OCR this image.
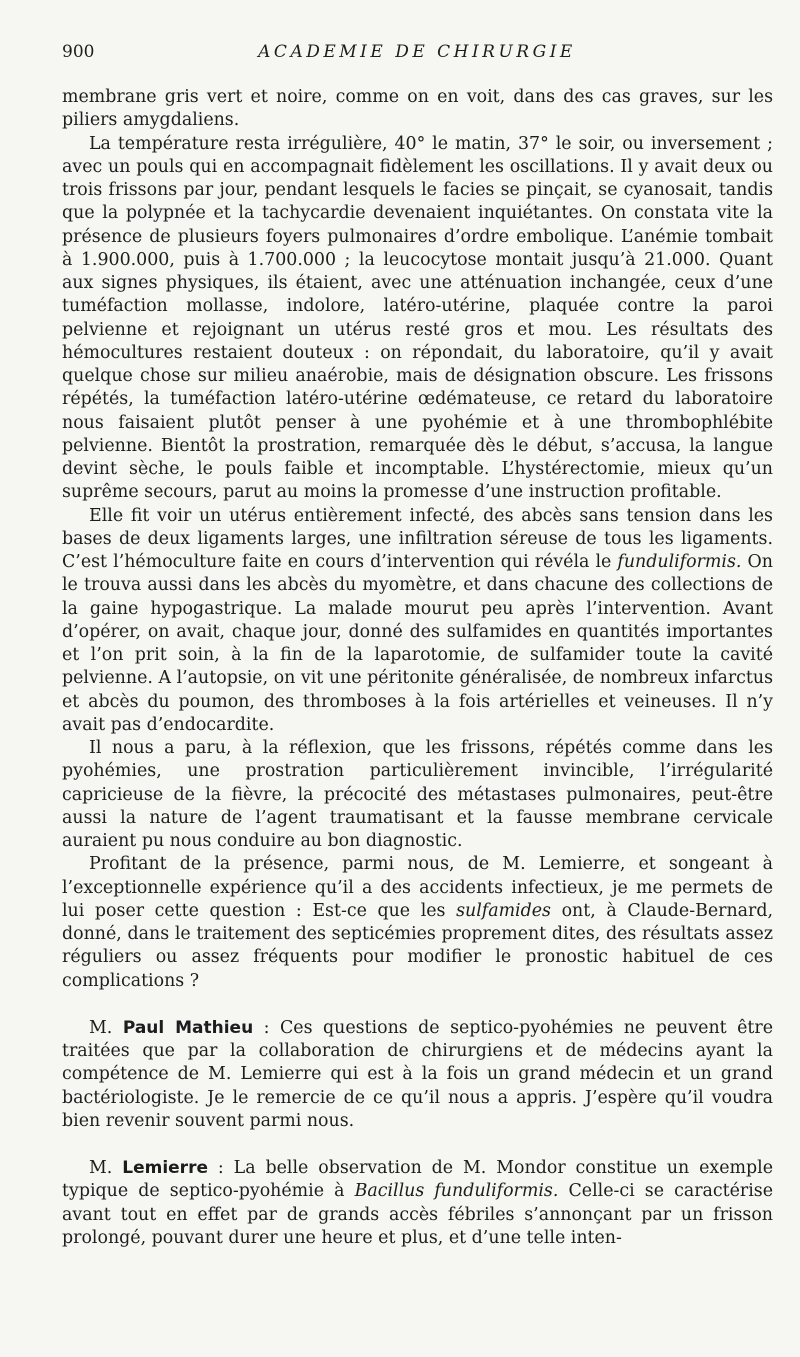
900	ACADEMIE DE CHIRURGIE

membrane gris vert et noire, comme on en voit, dans des cas graves, sur les piliers amygdaliens.

La température resta irrégulière, 40° le matin, 37° le soir, ou inversement ; avec un pouls qui en accompagnait fidèlement les oscillations. Il y avait deux ou trois frissons par jour, pendant lesquels le facies se pinçait, se cyanosait, tandis que la polypnée et la tachycardie devenaient inquiétantes. On constata vite la présence de plusieurs foyers pulmonaires d’ordre embolique. L’anémie tombait à 1.900.000, puis à 1.700.000 ; la leucocytose montait jusqu’à 21.000. Quant aux signes physiques, ils étaient, avec une atténuation inchangée, ceux d’une tuméfaction mollasse, indolore, latéro-utérine, plaquée contre la paroi pelvienne et rejoignant un utérus resté gros et mou. Les résultats des hémocultures restaient douteux : on répondait, du laboratoire, qu’il y avait quelque chose sur milieu anaérobie, mais de désignation obscure. Les frissons répétés, la tuméfaction latéro-utérine œdémateuse, ce retard du laboratoire nous faisaient plutôt penser à une pyohémie et à une thrombophlébite pelvienne. Bientôt la prostration, remarquée dès le début, s’accusa, la langue devint sèche, le pouls faible et incomptable. L’hystérectomie, mieux qu’un suprême secours, parut au moins la promesse d’une instruction profitable.

Elle fit voir un utérus entièrement infecté, des abcès sans tension dans les bases de deux ligaments larges, une infiltration séreuse de tous les ligaments. C’est l’hémoculture faite en cours d’intervention qui révéla le funduliformis. On le trouva aussi dans les abcès du myomètre, et dans chacune des collections de la gaine hypogastrique. La malade mourut peu après l’intervention. Avant d’opérer, on avait, chaque jour, donné des sulfamides en quantités importantes et l’on prit soin, à la fin de la laparotomie, de sulfamider toute la cavité pelvienne. A l’autopsie, on vit une péritonite généralisée, de nombreux infarctus et abcès du poumon, des thromboses à la fois artérielles et veineuses. Il n’y avait pas d’endocardite.

Il nous a paru, à la réflexion, que les frissons, répétés comme dans les pyohémies, une prostration particulièrement invincible, l’irrégularité capricieuse de la fièvre, la précocité des métastases pulmonaires, peut-être aussi la nature de l’agent traumatisant et la fausse membrane cervicale auraient pu nous conduire au bon diagnostic.

Profitant de la présence, parmi nous, de M. Lemierre, et songeant à l’exceptionnelle expérience qu’il a des accidents infectieux, je me permets de lui poser cette question : Est-ce que les sulfamides ont, à Claude-Bernard, donné, dans le traitement des septicémies proprement dites, des résultats assez réguliers ou assez fréquents pour modifier le pronostic habituel de ces complications ?

M. Paul Mathieu : Ces questions de septico-pyohémies ne peuvent être traitées que par la collaboration de chirurgiens et de médecins ayant la compétence de M. Lemierre qui est à la fois un grand médecin et un grand bactériologiste. Je le remercie de ce qu’il nous a appris. J’espère qu’il voudra bien revenir souvent parmi nous.

M. Lemierre : La belle observation de M. Mondor constitue un exemple typique de septico-pyohémie à Bacillus funduliformis. Celle-ci se caractérise avant tout en effet par de grands accès fébriles s’annonçant par un frisson prolongé, pouvant durer une heure et plus, et d’une telle inten-
